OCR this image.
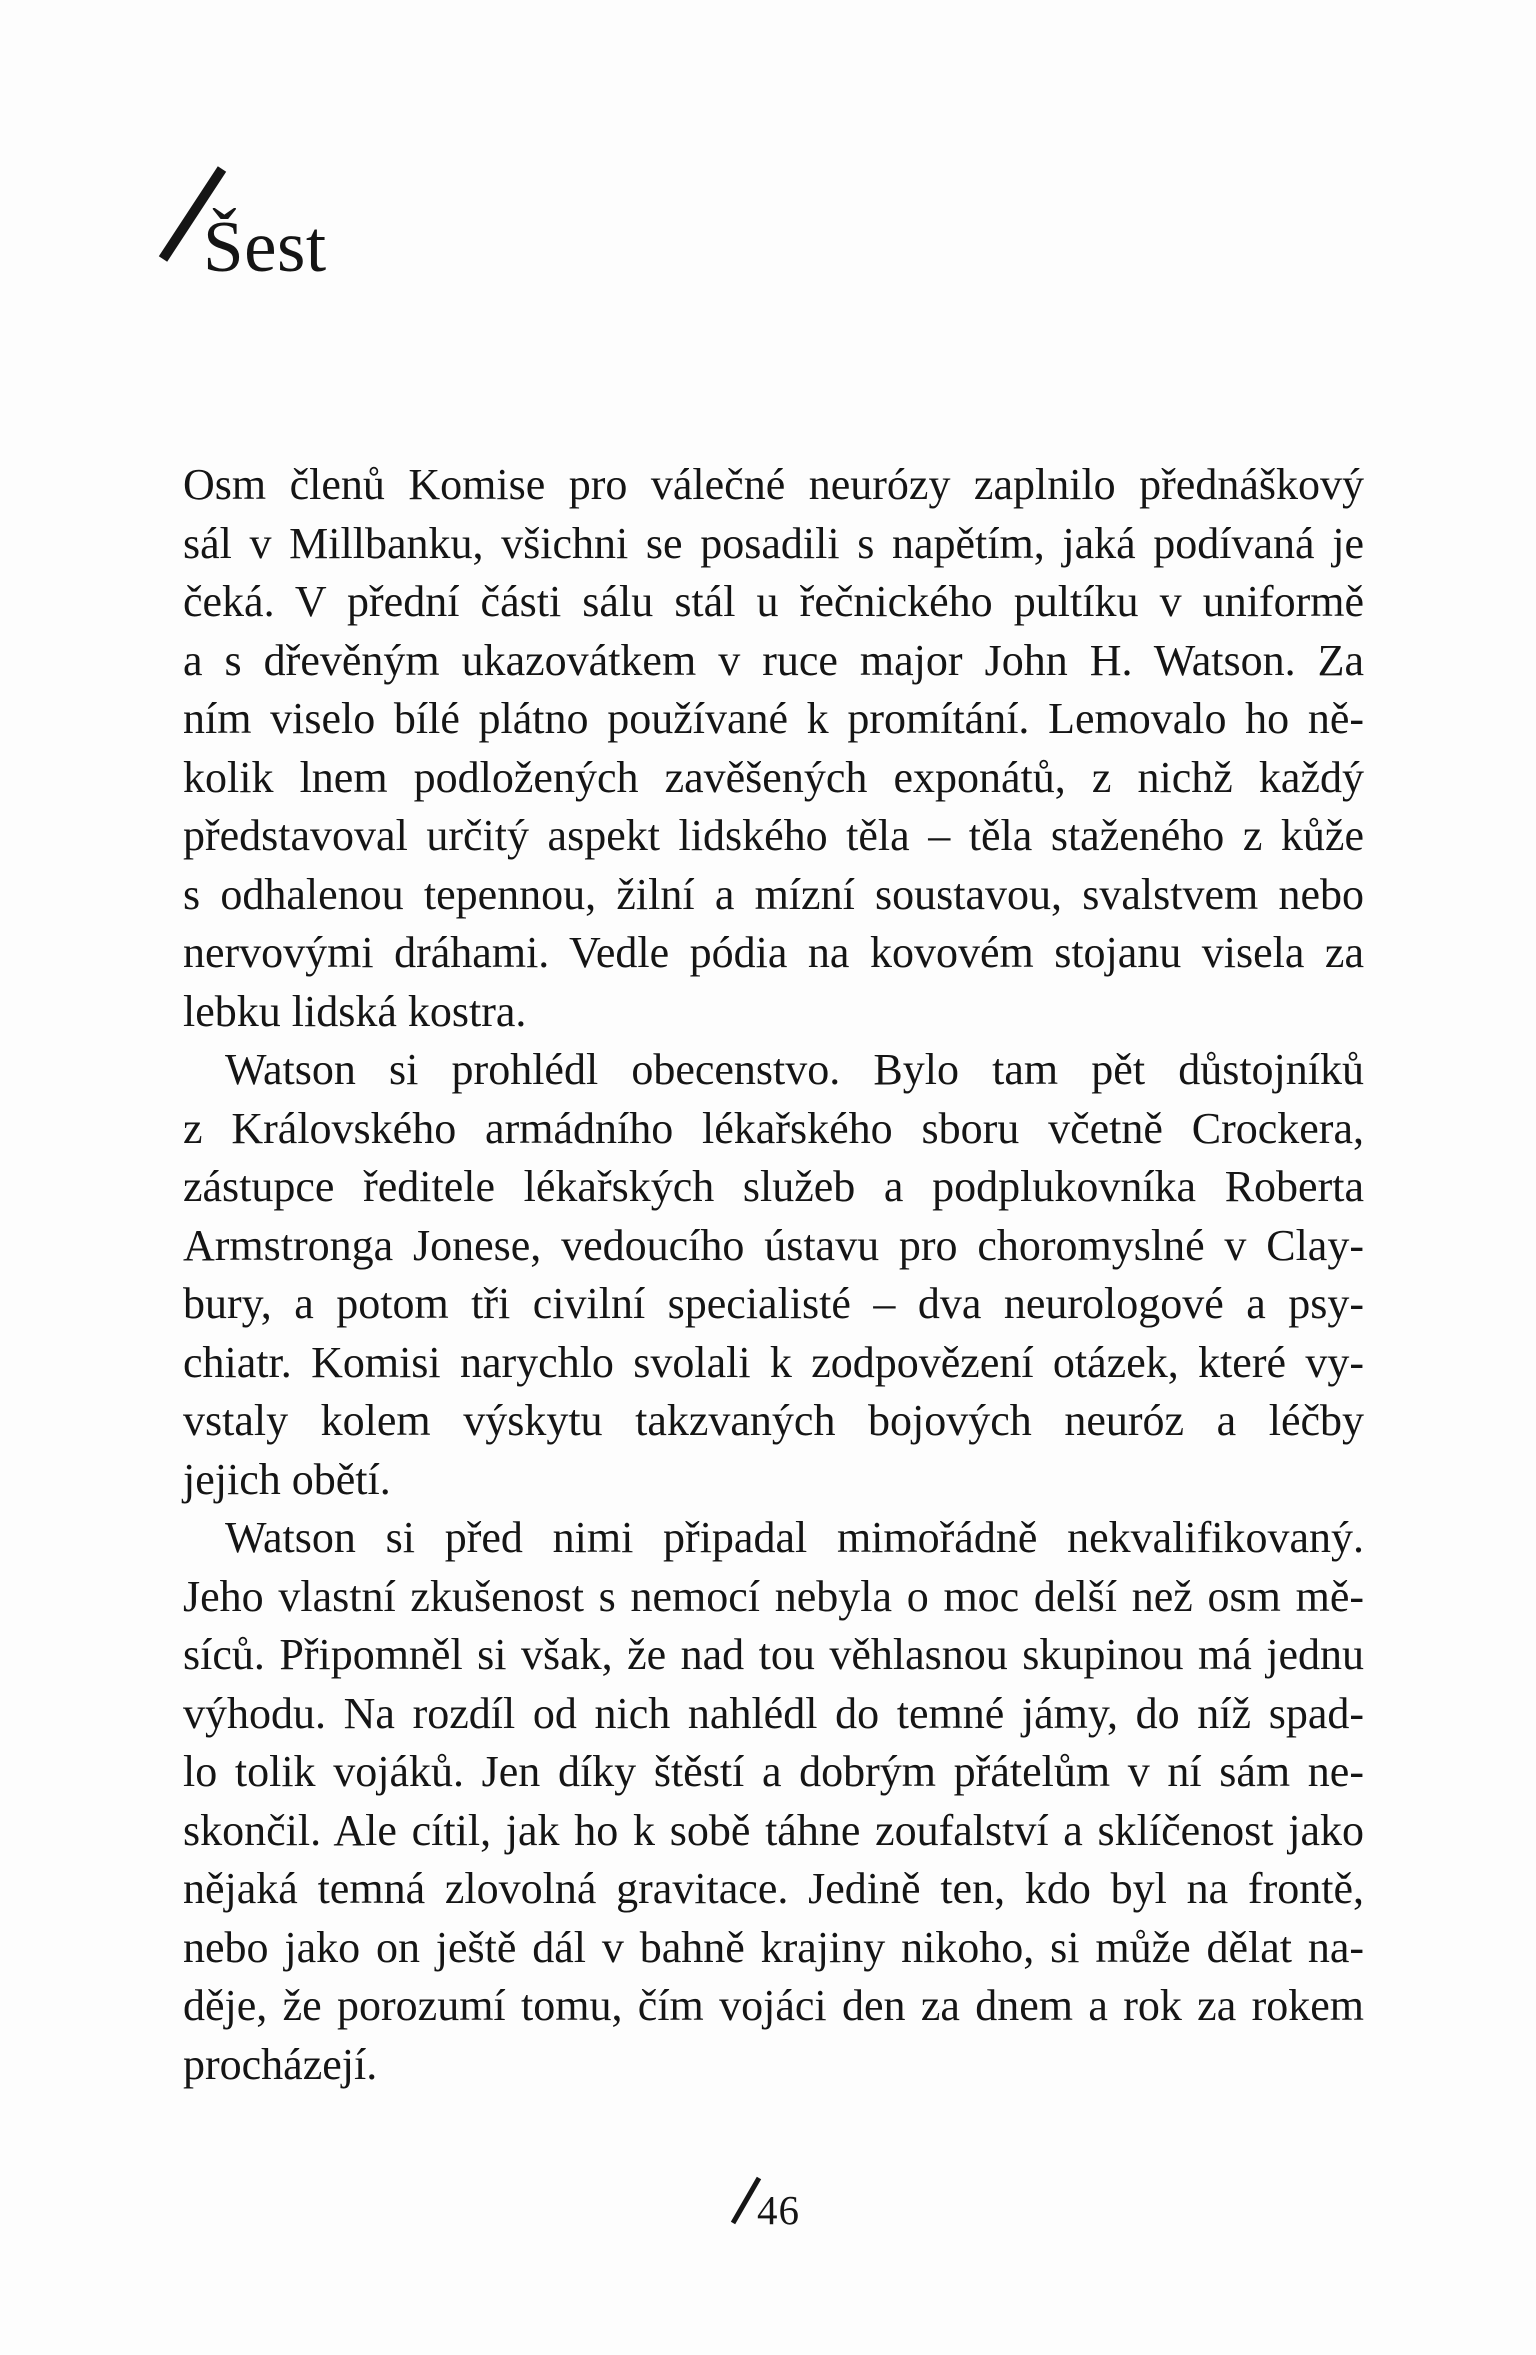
Šest
Osm členů Komise pro válečné neurózy zaplnilo přednáškový
sál v Millbanku, všichni se posadili s napětím, jaká podívaná je
čeká. V přední části sálu stál u řečnického pultíku v uniformě
a s dřevěným ukazovátkem v ruce major John H. Watson. Za
ním viselo bílé plátno používané k promítání. Lemovalo ho ně-
kolik lnem podložených zavěšených exponátů, z nichž každý
představoval určitý aspekt lidského těla – těla staženého z kůže
s odhalenou tepennou, žilní a mízní soustavou, svalstvem nebo
nervovými dráhami. Vedle pódia na kovovém stojanu visela za
lebku lidská kostra.
Watson si prohlédl obecenstvo. Bylo tam pět důstojníků
z Královského armádního lékařského sboru včetně Crockera,
zástupce ředitele lékařských služeb a podplukovníka Roberta
Armstronga Jonese, vedoucího ústavu pro choromyslné v Clay-
bury, a potom tři civilní specialisté – dva neurologové a psy-
chiatr. Komisi narychlo svolali k zodpovězení otázek, které vy-
vstaly kolem výskytu takzvaných bojových neuróz a léčby
jejich obětí.
Watson si před nimi připadal mimořádně nekvalifikovaný.
Jeho vlastní zkušenost s nemocí nebyla o moc delší než osm mě-
síců. Připomněl si však, že nad tou věhlasnou skupinou má jednu
výhodu. Na rozdíl od nich nahlédl do temné jámy, do níž spad-
lo tolik vojáků. Jen díky štěstí a dobrým přátelům v ní sám ne-
skončil. Ale cítil, jak ho k sobě táhne zoufalství a sklíčenost jako
nějaká temná zlovolná gravitace. Jedině ten, kdo byl na frontě,
nebo jako on ještě dál v bahně krajiny nikoho, si může dělat na-
děje, že porozumí tomu, čím vojáci den za dnem a rok za rokem
procházejí.
46
